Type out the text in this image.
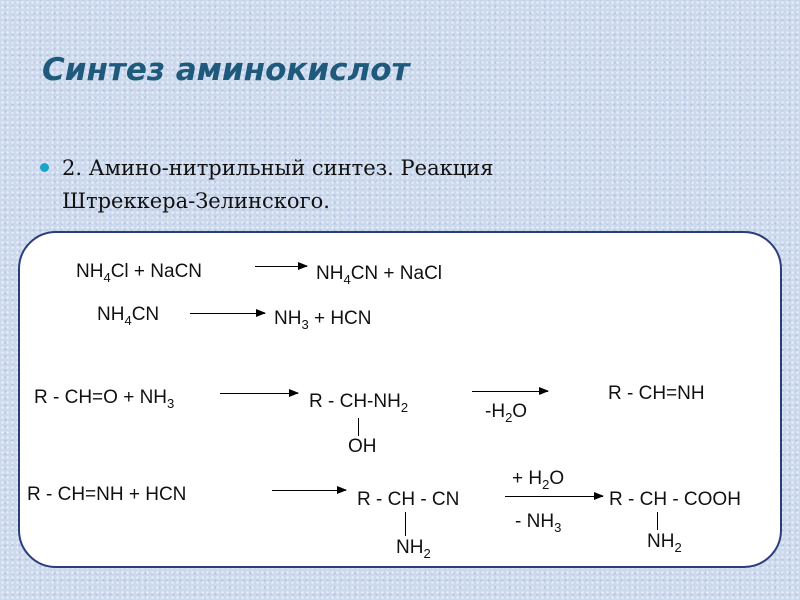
Синтез аминокислот
2. Амино-нитрильный синтез. Реакция Штреккера-Зелинского.
$NH_4Cl$ + NaCN	$NH_4CN$ + NaCl
$NH_4CN$	$NH_3$ + HCN
$R - CH=O + NH_3$	R - $CH-NH_2$
OH
$-H_2O$
R - CH=NH
R - CH=NH + HCN	R - CH - CN
$NH_2$
+ $H_2O$
- $NH_3$
R - CH - COOH
$NH_2$
